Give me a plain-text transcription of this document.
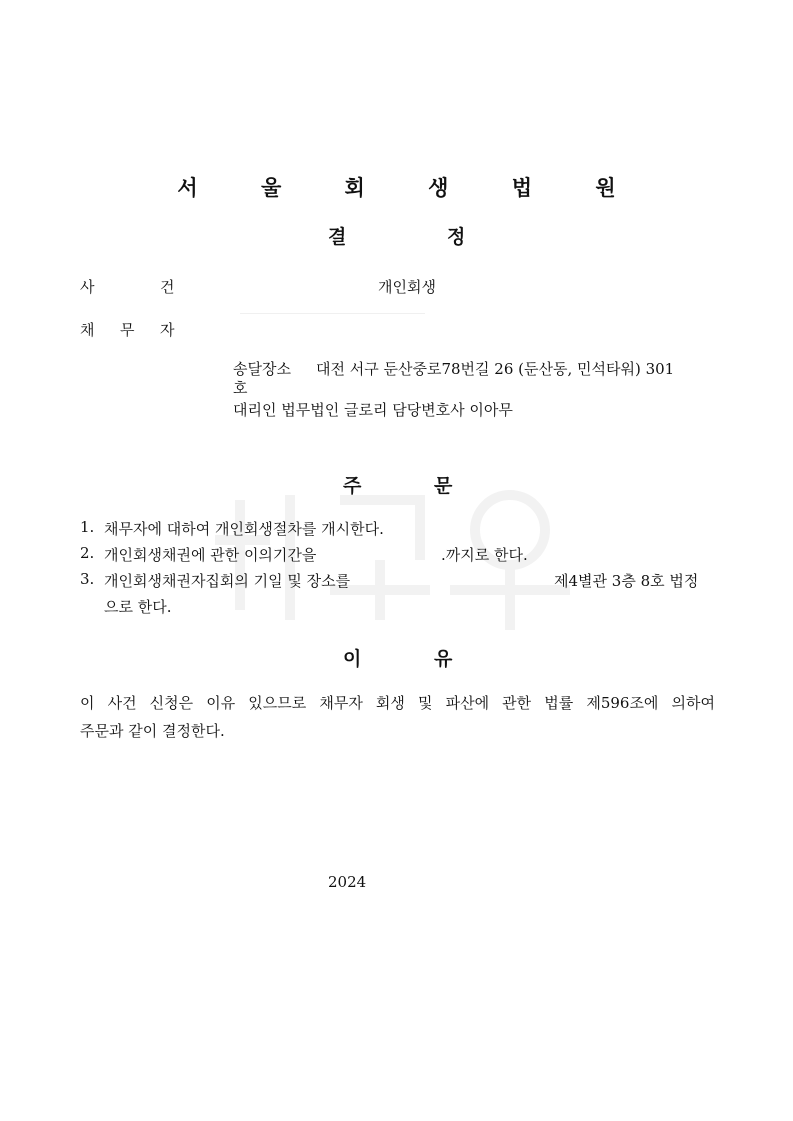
서 울 회 생 법 원
결	정
사	건	개인회생
채 무 자
송달장소 대전 서구 둔산중로78번길 26 (둔산동, 민석타워) 301
호
대리인 법무법인 글로리 담당변호사 이아무
주	문
1. 채무자에 대하여 개인회생절차를 개시한다.
2. 개인회생채권에 관한 이의기간을	.까지로 한다.
3. 개인회생채권자집회의 기일 및 장소를	제4별관 3층 8호 법정
으로 한다.
이	유
이 사건 신청은 이유 있으므로 채무자 회생 및 파산에 관한 법률 제596조에 의하여
주문과 같이 결정한다.
2024
